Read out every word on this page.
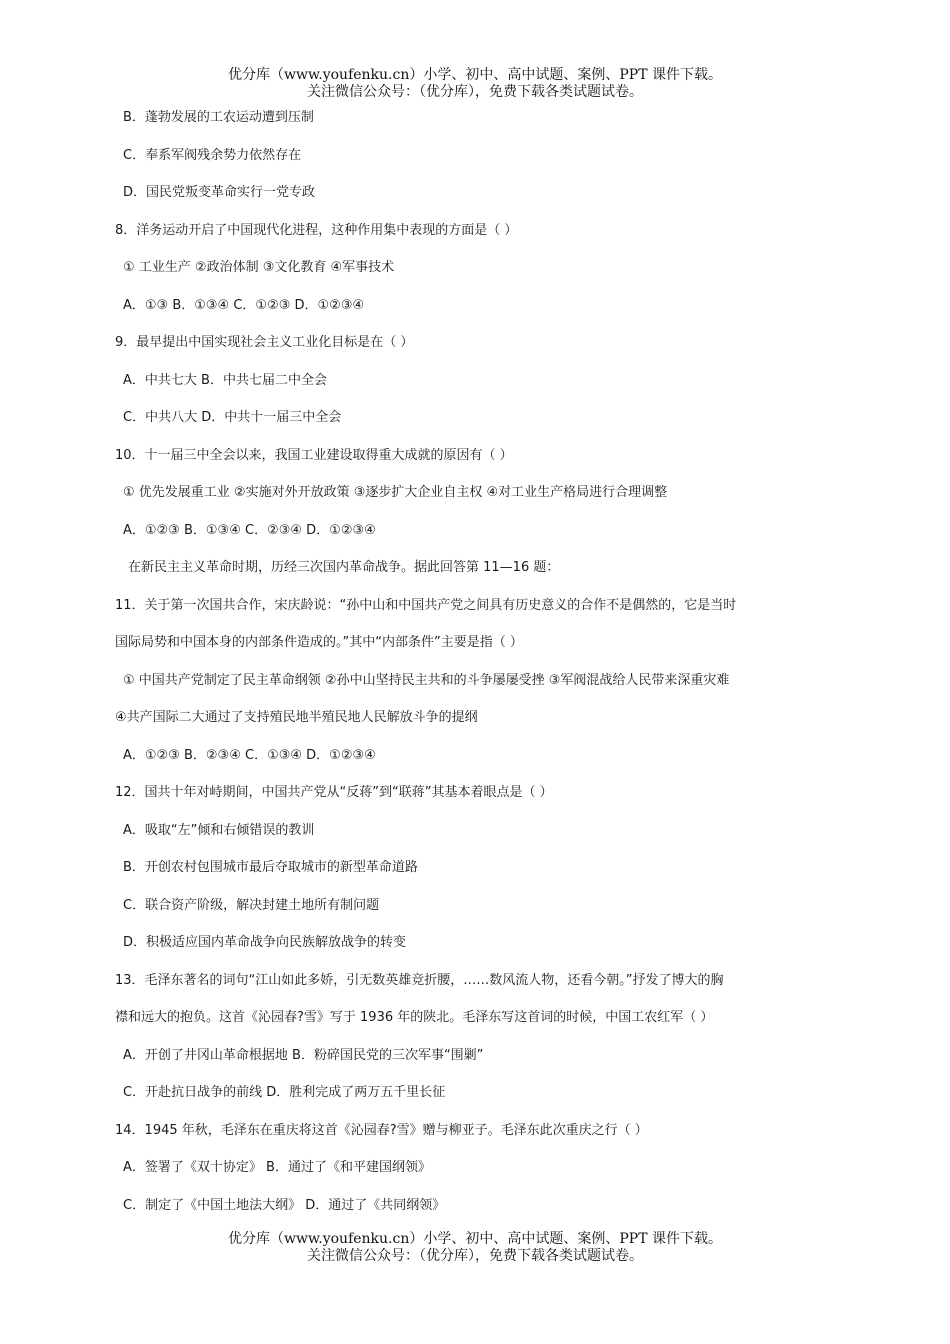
优分库（www.youfenku.cn）小学、初中、高中试题、案例、PPT 课件下载。
关注微信公众号：（优分库），免费下载各类试题试卷。
B．蓬勃发展的工农运动遭到压制
C．奉系军阀残余势力依然存在
D．国民党叛变革命实行一党专政
8．洋务运动开启了中国现代化进程，这种作用集中表现的方面是（ ）
① 工业生产 ②政治体制 ③文化教育 ④军事技术
A．①③ B．①③④ C．①②③ D．①②③④
9．最早提出中国实现社会主义工业化目标是在（ ）
A．中共七大 B．中共七届二中全会
C．中共八大 D．中共十一届三中全会
10．十一届三中全会以来，我国工业建设取得重大成就的原因有（ ）
① 优先发展重工业 ②实施对外开放政策 ③逐步扩大企业自主权 ④对工业生产格局进行合理调整
A．①②③ B．①③④ C．②③④ D．①②③④
在新民主主义革命时期，历经三次国内革命战争。据此回答第 11—16 题：
11．关于第一次国共合作，宋庆龄说：“孙中山和中国共产党之间具有历史意义的合作不是偶然的，它是当时
国际局势和中国本身的内部条件造成的。”其中“内部条件”主要是指（ ）
① 中国共产党制定了民主革命纲领 ②孙中山坚持民主共和的斗争屡屡受挫 ③军阀混战给人民带来深重灾难
④共产国际二大通过了支持殖民地半殖民地人民解放斗争的提纲
A．①②③ B．②③④ C．①③④ D．①②③④
12．国共十年对峙期间，中国共产党从“反蒋”到“联蒋”其基本着眼点是（ ）
A．吸取“左”倾和右倾错误的教训
B．开创农村包围城市最后夺取城市的新型革命道路
C．联合资产阶级，解决封建土地所有制问题
D．积极适应国内革命战争向民族解放战争的转变
13．毛泽东著名的词句“江山如此多娇，引无数英雄竞折腰，……数风流人物，还看今朝。”抒发了博大的胸
襟和远大的抱负。这首《沁园春?雪》写于 1936 年的陕北。毛泽东写这首词的时候，中国工农红军（ ）
A．开创了井冈山革命根据地 B．粉碎国民党的三次军事“围剿”
C．开赴抗日战争的前线 D．胜利完成了两万五千里长征
14．1945 年秋，毛泽东在重庆将这首《沁园春?雪》赠与柳亚子。毛泽东此次重庆之行（ ）
A．签署了《双十协定》 B．通过了《和平建国纲领》
C．制定了《中国土地法大纲》 D．通过了《共同纲领》
优分库（www.youfenku.cn）小学、初中、高中试题、案例、PPT 课件下载。
关注微信公众号：（优分库），免费下载各类试题试卷。
